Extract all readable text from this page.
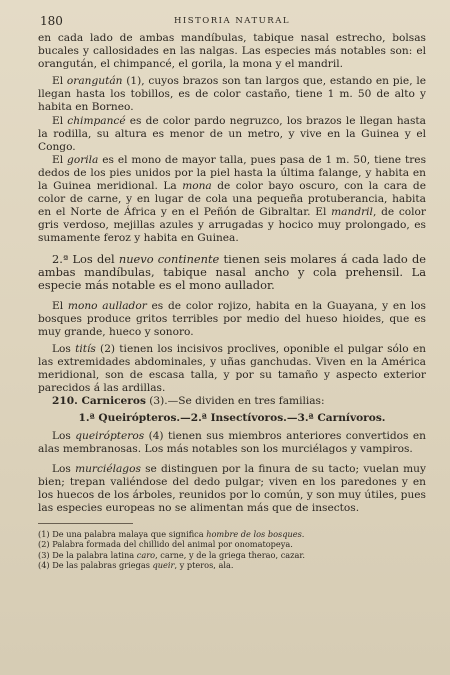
180	HISTORIA NATURAL

en cada lado de ambas mandíbulas, tabique nasal estrecho, bolsas bucales y callosidades en las nalgas. Las especies más notables son: el orangután, el chimpancé, el gorila, la mona y el mandril.

El orangután (1), cuyos brazos son tan largos que, estando en pie, le llegan hasta los tobillos, es de color castaño, tiene 1 m. 50 de alto y habita en Borneo.

El chimpancé es de color pardo negruzco, los brazos le llegan hasta la rodilla, su altura es menor de un metro, y vive en la Guinea y el Congo.

El gorila es el mono de mayor talla, pues pasa de 1 m. 50, tiene tres dedos de los pies unidos por la piel hasta la última falange, y habita en la Guinea meridional. La mona de color bayo oscuro, con la cara de color de carne, y en lugar de cola una pequeña protuberancia, habita en el Norte de África y en el Peñón de Gibraltar. El mandril, de color gris verdoso, mejillas azules y arrugadas y hocico muy prolongado, es sumamente feroz y habita en Guinea.

2.ª Los del nuevo continente tienen seis molares á cada lado de ambas mandíbulas, tabique nasal ancho y cola prehensil. La especie más notable es el mono aullador.

El mono aullador es de color rojizo, habita en la Guayana, y en los bosques produce gritos terribles por medio del hueso hioides, que es muy grande, hueco y sonoro.

Los titís (2) tienen los incisivos proclives, oponible el pulgar sólo en las extremidades abdominales, y uñas ganchudas. Viven en la América meridional, son de escasa talla, y por su tamaño y aspecto exterior parecidos á las ardillas.

210. Carniceros (3).—Se dividen en tres familias:

1.ª Queirópteros.—2.ª Insectívoros.—3.ª Carnívoros.

Los queirópteros (4) tienen sus miembros anteriores convertidos en alas membranosas. Los más notables son los murciélagos y vampiros.

Los murciélagos se distinguen por la finura de su tacto; vuelan muy bien; trepan valiéndose del dedo pulgar; viven en los paredones y en los huecos de los árboles, reunidos por lo común, y son muy útiles, pues las especies europeas no se alimentan más que de insectos.

(1) De una palabra malaya que significa hombre de los bosques.
(2) Palabra formada del chillido del animal por onomatopeya.
(3) De la palabra latina caro, carne, y de la griega therao, cazar.
(4) De las palabras griegas queir, y pteros, ala.
